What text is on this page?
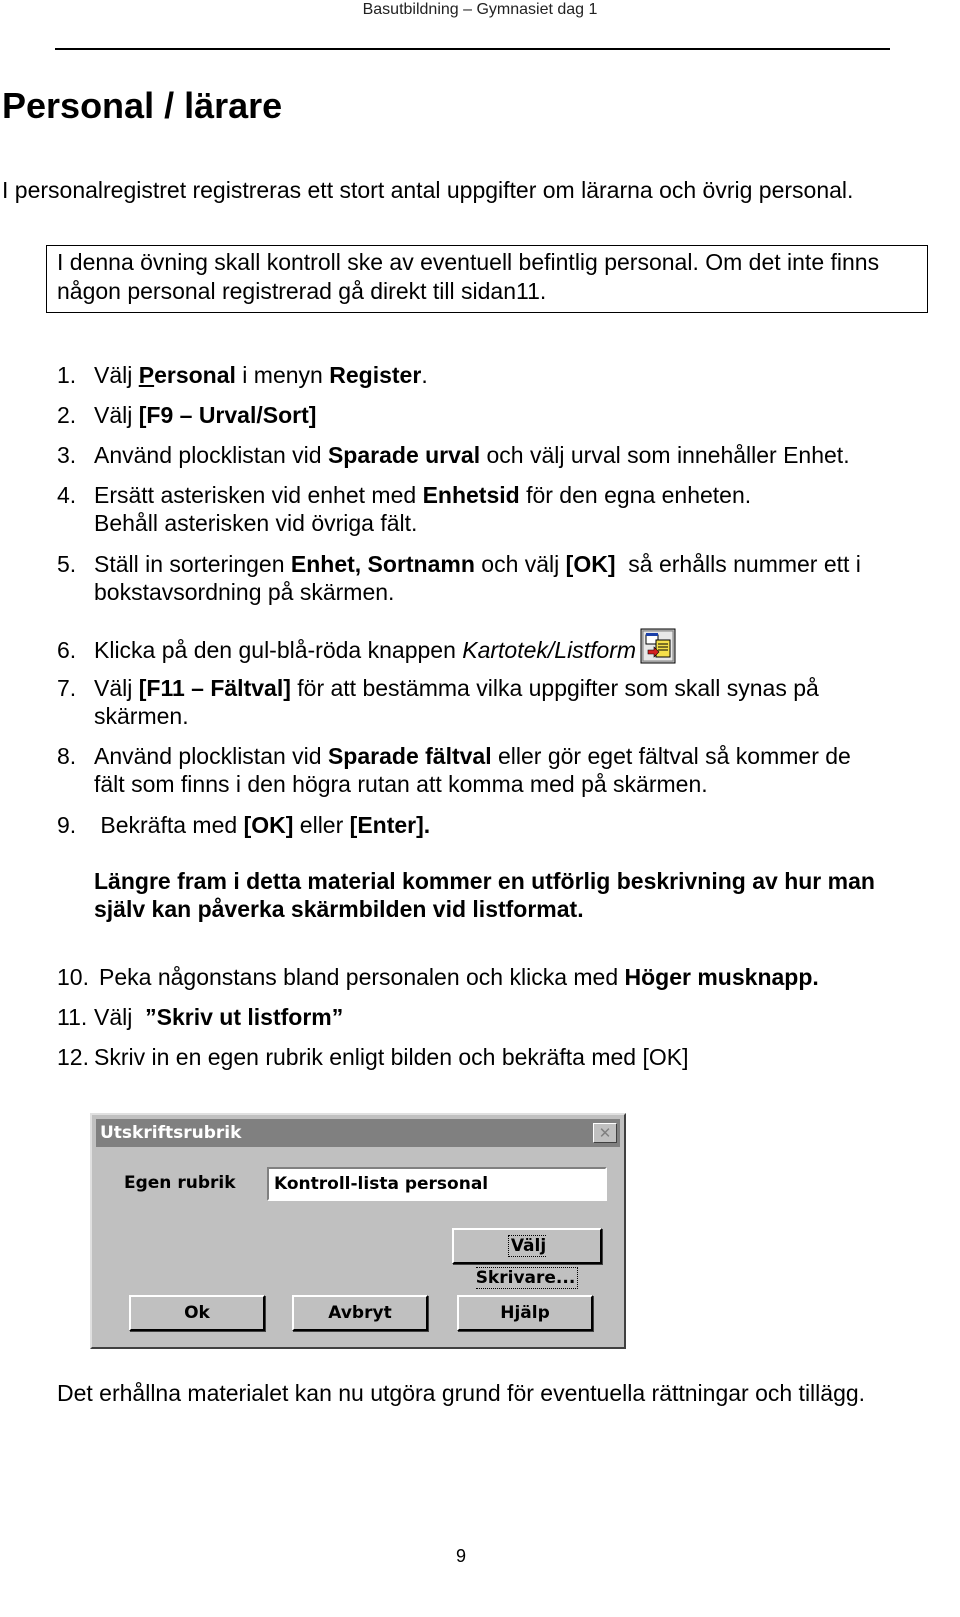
Basutbildning – Gymnasiet dag 1
Personal / lärare

I personalregistret registreras ett stort antal uppgifter om lärarna och övrig personal.

I denna övning skall kontroll ske av eventuell befintlig personal. Om det inte finns någon personal registrerad gå direkt till sidan11.
1. Välj Personal i menyn Register.
2. Välj [F9 – Urval/Sort]
3. Använd plocklistan vid Sparade urval och välj urval som innehåller Enhet.
4. Ersätt asterisken vid enhet med Enhetsid för den egna enheten.
Behåll asterisken vid övriga fält.
5. Ställ in sorteringen Enhet, Sortnamn och välj [OK]  så erhålls nummer ett i
bokstavsordning på skärmen.
6. Klicka på den gul-blå-röda knappen Kartotek/Listform
7. Välj [F11 – Fältval] för att bestämma vilka uppgifter som skall synas på
skärmen.
8. Använd plocklistan vid Sparade fältval eller gör eget fältval så kommer de
fält som finns i den högra rutan att komma med på skärmen.
9. Bekräfta med [OK] eller [Enter].

Längre fram i detta material kommer en utförlig beskrivning av hur man själv kan påverka skärmbilden vid listformat.

10. Peka någonstans bland personalen och klicka med Höger musknapp.
11. Välj  ”Skriv ut listform”
12. Skriv in en egen rubrik enligt bilden och bekräfta med [OK]
Utskriftsrubrik	✕
Egen rubrik	Kontroll-lista personal
Välj Skrivare...
Ok	Avbryt	Hjälp

Det erhållna materialet kan nu utgöra grund för eventuella rättningar och tillägg.

9
